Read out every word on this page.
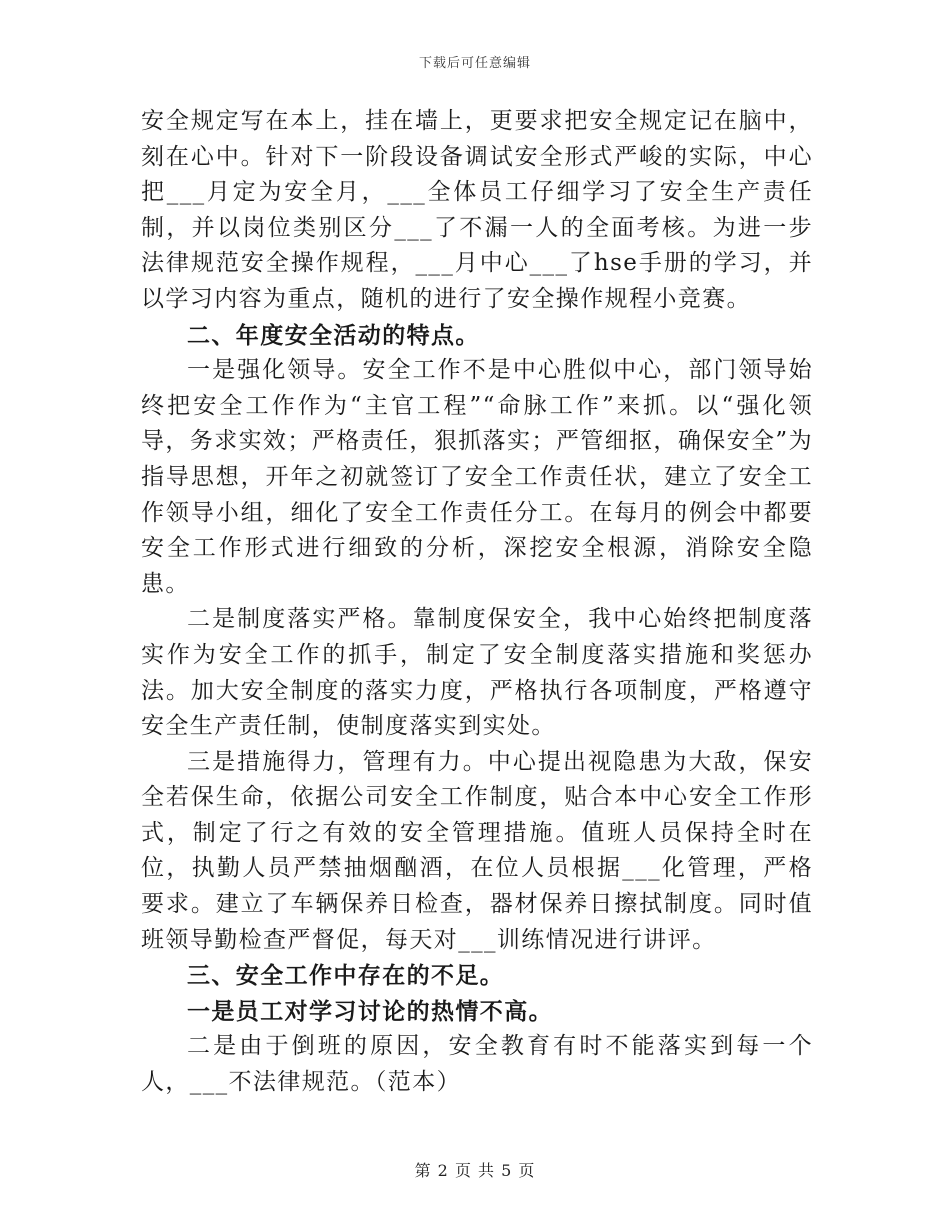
下载后可任意编辑

安全规定写在本上，挂在墙上，更要求把安全规定记在脑中，刻在心中。针对下一阶段设备调试安全形式严峻的实际，中心把___月定为安全月，___全体员工仔细学习了安全生产责任制，并以岗位类别区分___了不漏一人的全面考核。为进一步法律规范安全操作规程，___月中心___了hse手册的学习，并以学习内容为重点，随机的进行了安全操作规程小竞赛。

二、年度安全活动的特点。

一是强化领导。安全工作不是中心胜似中心，部门领导始终把安全工作作为“主官工程”“命脉工作”来抓。以“强化领导，务求实效；严格责任，狠抓落实；严管细抠，确保安全”为指导思想，开年之初就签订了安全工作责任状，建立了安全工作领导小组，细化了安全工作责任分工。在每月的例会中都要安全工作形式进行细致的分析，深挖安全根源，消除安全隐患。

二是制度落实严格。靠制度保安全，我中心始终把制度落实作为安全工作的抓手，制定了安全制度落实措施和奖惩办法。加大安全制度的落实力度，严格执行各项制度，严格遵守安全生产责任制，使制度落实到实处。

三是措施得力，管理有力。中心提出视隐患为大敌，保安全若保生命，依据公司安全工作制度，贴合本中心安全工作形式，制定了行之有效的安全管理措施。值班人员保持全时在位，执勤人员严禁抽烟酗酒，在位人员根据___化管理，严格要求。建立了车辆保养日检查，器材保养日擦拭制度。同时值班领导勤检查严督促，每天对___训练情况进行讲评。

三、安全工作中存在的不足。

一是员工对学习讨论的热情不高。

二是由于倒班的原因，安全教育有时不能落实到每一个人，___不法律规范。（范本）

第 2 页 共 5 页
